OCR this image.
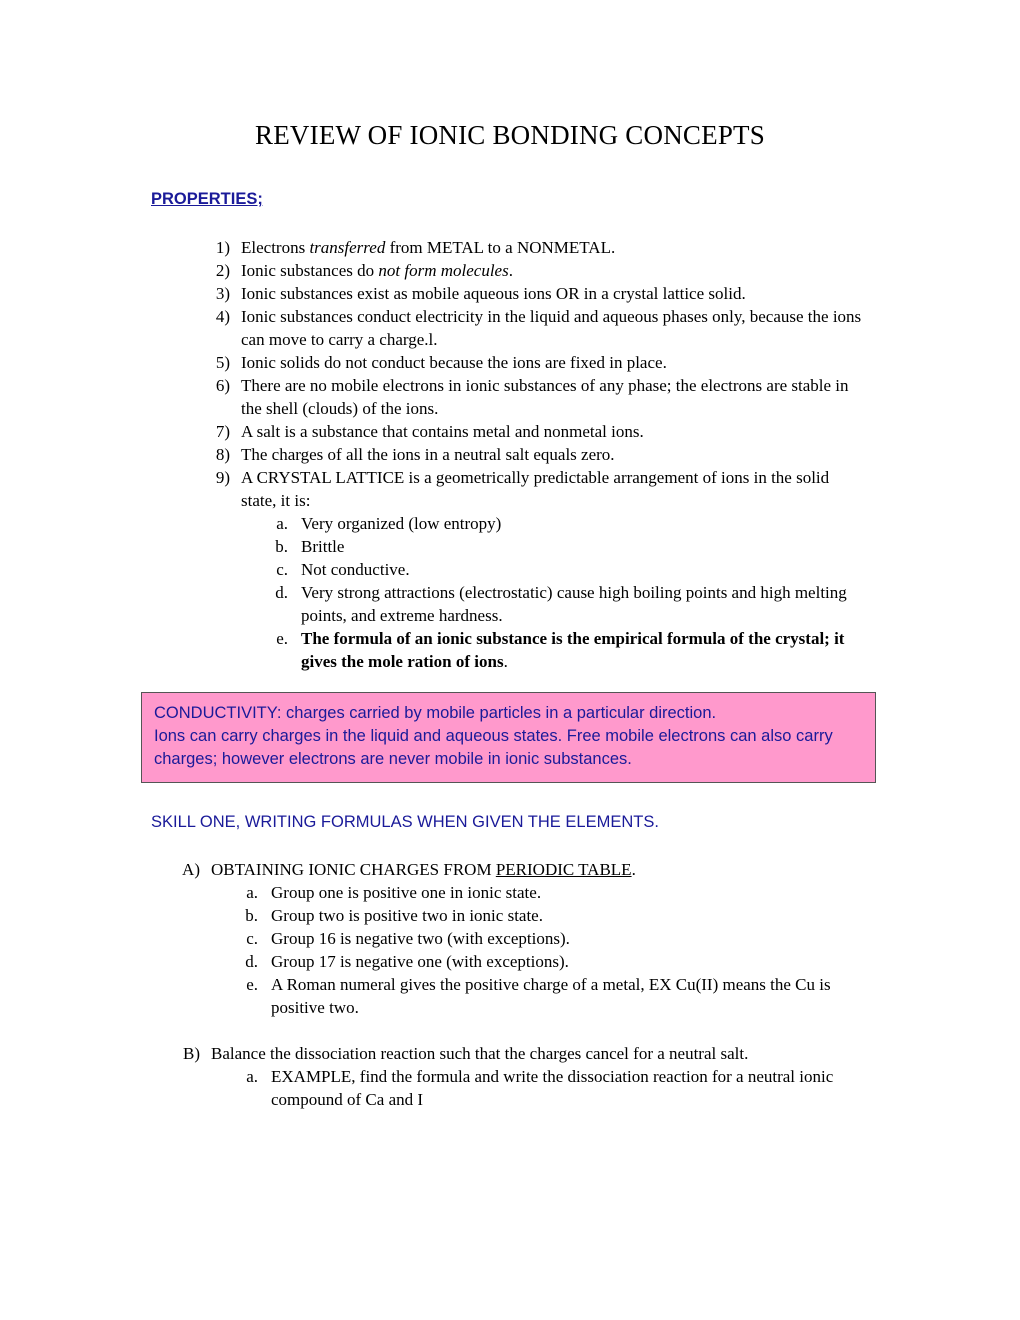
REVIEW OF IONIC BONDING CONCEPTS
PROPERTIES;
1) Electrons transferred from METAL to a NONMETAL.
2) Ionic substances do not form molecules.
3) Ionic substances exist as mobile aqueous ions OR in a crystal lattice solid.
4) Ionic substances conduct electricity in the liquid and aqueous phases only, because the ions can move to carry a charge.l.
5) Ionic solids do not conduct because the ions are fixed in place.
6) There are no mobile electrons in ionic substances of any phase; the electrons are stable in the shell (clouds) of the ions.
7) A salt is a substance that contains metal and nonmetal ions.
8) The charges of all the ions in a neutral salt equals zero.
9) A CRYSTAL LATTICE is a geometrically predictable arrangement of ions in the solid state, it is:
a. Very organized (low entropy)
b. Brittle
c. Not conductive.
d. Very strong attractions (electrostatic) cause high boiling points and high melting points, and extreme hardness.
e. The formula of an ionic substance is the empirical formula of the crystal; it gives the mole ration of ions.
CONDUCTIVITY: charges carried by mobile particles in a particular direction.
Ions can carry charges in the liquid and aqueous states. Free mobile electrons can also carry charges; however electrons are never mobile in ionic substances.
SKILL ONE, WRITING FORMULAS WHEN GIVEN THE ELEMENTS.
A) OBTAINING IONIC CHARGES FROM PERIODIC TABLE.
a. Group one is positive one in ionic state.
b. Group two is positive two in ionic state.
c. Group 16 is negative two (with exceptions).
d. Group 17 is negative one (with exceptions).
e. A Roman numeral gives the positive charge of a metal, EX Cu(II) means the Cu is positive two.
B) Balance the dissociation reaction such that the charges cancel for a neutral salt.
a. EXAMPLE, find the formula and write the dissociation reaction for a neutral ionic compound of Ca and I
